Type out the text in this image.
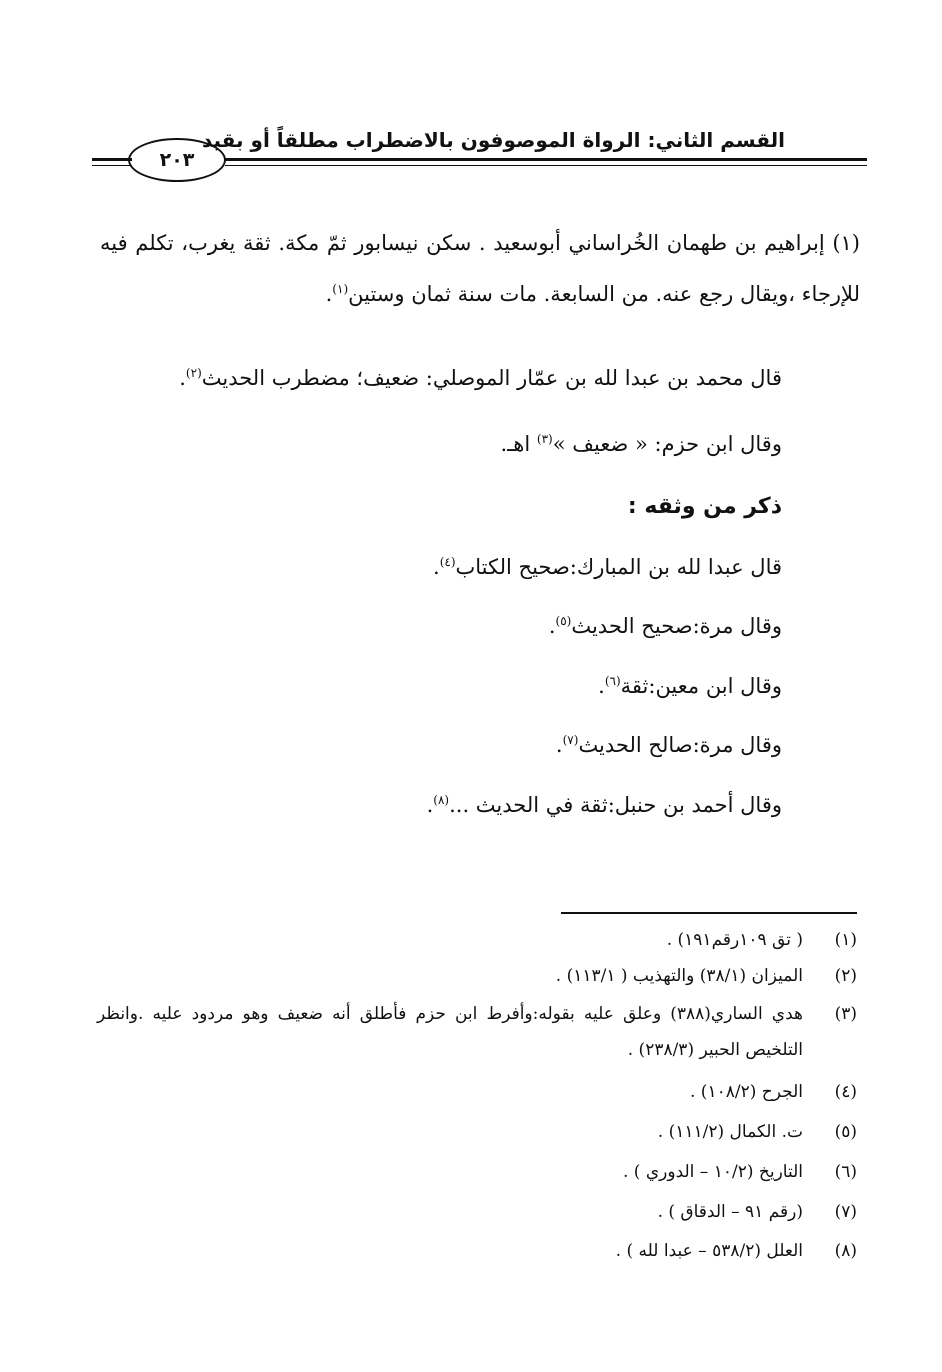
القسم الثاني: الرواة الموصوفون بالاضطراب مطلقاً أو بقيد
٢٠٣
(١) إبراهيم بن طهمان الخُراساني أبوسعيد . سكن نيسابور ثمّ مكة. ثقة يغرب، تكلم فيه للإرجاء ،ويقال رجع عنه. من السابعة. مات سنة ثمان وستين$^{(١)}$.
قال محمد بن عبدا لله بن عمّار الموصلي: ضعيف؛ مضطرب الحديث$^{(٢)}$.
وقال ابن حزم: « ضعيف »$^{(٣)}$ اهـ.
ذكر من وثقه :
قال عبدا لله بن المبارك:صحيح الكتاب$^{(٤)}$.
وقال مرة:صحيح الحديث$^{(٥)}$.
وقال ابن معين:ثقة$^{(٦)}$.
وقال مرة:صالح الحديث$^{(٧)}$.
وقال أحمد بن حنبل:ثقة في الحديث ...$^{(٨)}$.
(١)( تق ١٠٩رقم١٩١) .
(٢)الميزان (٣٨/١) والتهذيب ( ١١٣/١) .
(٣)
هدي الساري(٣٨٨) وعلق عليه بقوله:وأفرط ابن حزم فأطلق أنه ضعيف وهو مردود عليه .وانظر التلخيص الحبير (٢٣٨/٣) .
(٤)الجرح (١٠٨/٢) .
(٥)ت. الكمال (١١١/٢) .
(٦)التاريخ (١٠/٢ – الدوري ) .
(٧)(رقم ٩١ – الدقاق ) .
(٨)العلل (٥٣٨/٢ – عبدا لله ) .
